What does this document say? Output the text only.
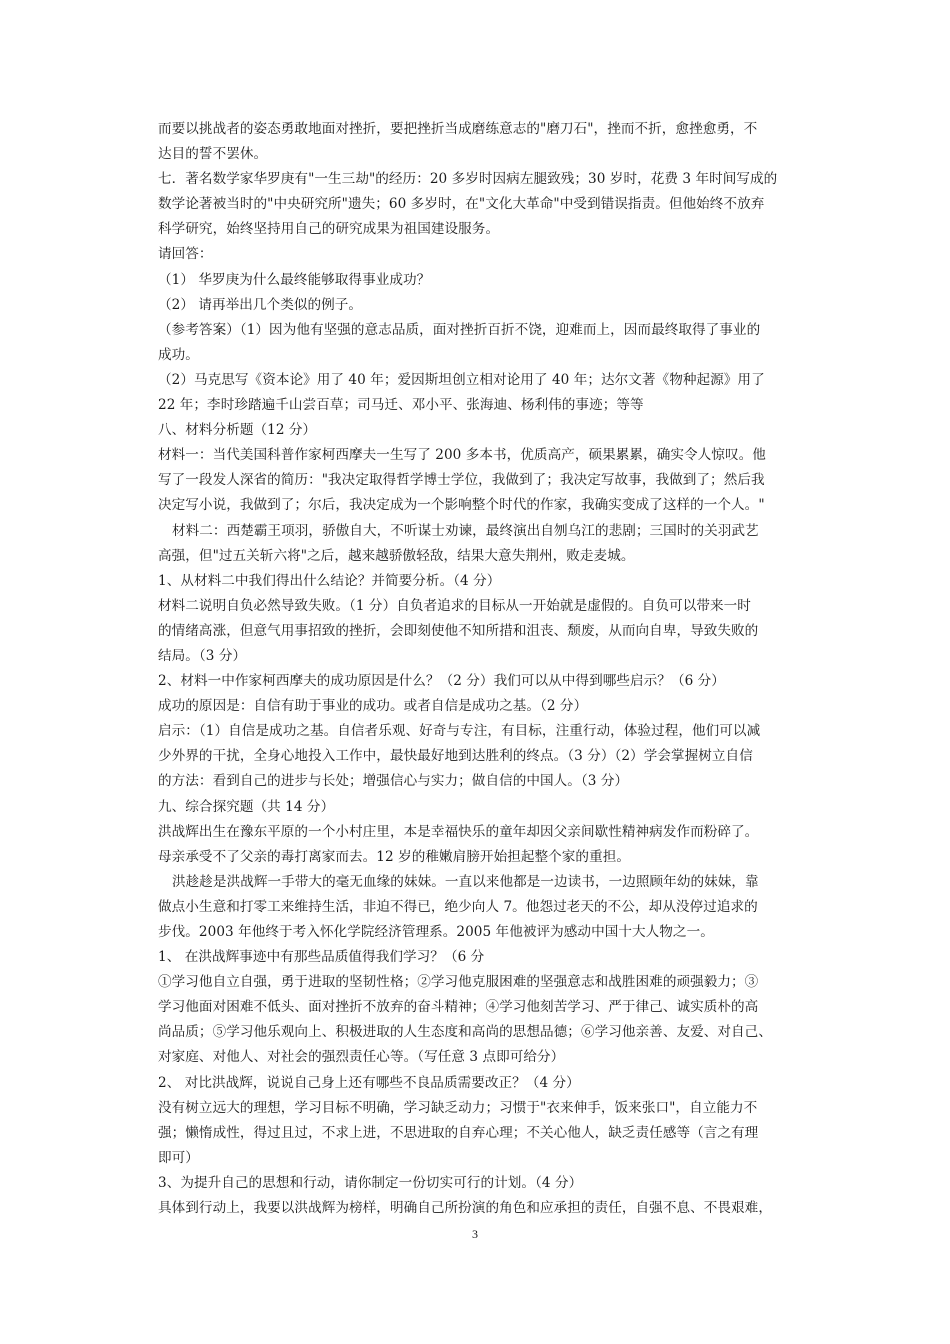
而要以挑战者的姿态勇敢地面对挫折，要把挫折当成磨练意志的"磨刀石"，挫而不折，愈挫愈勇，不
达目的誓不罢休。
七．著名数学家华罗庚有"一生三劫"的经历：20 多岁时因病左腿致残；30 岁时，花费 3 年时间写成的
数学论著被当时的"中央研究所"遗失；60 多岁时，在"文化大革命"中受到错误指责。但他始终不放弃
科学研究，始终坚持用自己的研究成果为祖国建设服务。
请回答：
（1） 华罗庚为什么最终能够取得事业成功？
（2） 请再举出几个类似的例子。
（参考答案）（1）因为他有坚强的意志品质，面对挫折百折不饶，迎难而上，因而最终取得了事业的
成功。
（2）马克思写《资本论》用了 40 年；爱因斯坦创立相对论用了 40 年；达尔文著《物种起源》用了
22 年；李时珍踏遍千山尝百草；司马迁、邓小平、张海迪、杨利伟的事迹；等等
八、材料分析题（12 分）
材料一：当代美国科普作家柯西摩夫一生写了 200 多本书，优质高产，硕果累累，确实令人惊叹。他
写了一段发人深省的简历："我决定取得哲学博士学位，我做到了；我决定写故事，我做到了；然后我
决定写小说，我做到了；尔后，我决定成为一个影响整个时代的作家，我确实变成了这样的一个人。"
材料二：西楚霸王项羽，骄傲自大，不听谋士劝谏，最终演出自刎乌江的悲剧；三国时的关羽武艺
高强，但"过五关斩六将"之后，越来越骄傲轻敌，结果大意失荆州，败走麦城。
1、从材料二中我们得出什么结论？并简要分析。（4 分）
材料二说明自负必然导致失败。（1 分）自负者追求的目标从一开始就是虚假的。自负可以带来一时
的情绪高涨，但意气用事招致的挫折，会即刻使他不知所措和沮丧、颓废，从而向自卑，导致失败的
结局。（3 分）
2、材料一中作家柯西摩夫的成功原因是什么？（2 分）我们可以从中得到哪些启示？（6 分）
成功的原因是：自信有助于事业的成功。或者自信是成功之基。（2 分）
启示：（1）自信是成功之基。自信者乐观、好奇与专注，有目标，注重行动，体验过程，他们可以减
少外界的干扰，全身心地投入工作中，最快最好地到达胜利的终点。（3 分）（2）学会掌握树立自信
的方法：看到自己的进步与长处；增强信心与实力；做自信的中国人。（3 分）
九、综合探究题（共 14 分）
洪战辉出生在豫东平原的一个小村庄里，本是幸福快乐的童年却因父亲间歇性精神病发作而粉碎了。
母亲承受不了父亲的毒打离家而去。12 岁的稚嫩肩膀开始担起整个家的重担。
洪趁趁是洪战辉一手带大的毫无血缘的妹妹。一直以来他都是一边读书，一边照顾年幼的妹妹，靠
做点小生意和打零工来维持生活，非迫不得已，绝少向人 7。他怨过老天的不公，却从没停过追求的
步伐。2003 年他终于考入怀化学院经济管理系。2005 年他被评为感动中国十大人物之一。
1、 在洪战辉事迹中有那些品质值得我们学习？（6 分
①学习他自立自强，勇于进取的坚韧性格；②学习他克服困难的坚强意志和战胜困难的顽强毅力；③
学习他面对困难不低头、面对挫折不放弃的奋斗精神；④学习他刻苦学习、严于律己、诚实质朴的高
尚品质；⑤学习他乐观向上、积极进取的人生态度和高尚的思想品德；⑥学习他亲善、友爱、对自己、
对家庭、对他人、对社会的强烈责任心等。（写任意 3 点即可给分）
2、 对比洪战辉，说说自己身上还有哪些不良品质需要改正？（4 分）
没有树立远大的理想，学习目标不明确，学习缺乏动力；习惯于"衣来伸手，饭来张口"，自立能力不
强；懒惰成性，得过且过，不求上进，不思进取的自弃心理；不关心他人，缺乏责任感等（言之有理
即可）
3、为提升自己的思想和行动，请你制定一份切实可行的计划。（4 分）
具体到行动上，我要以洪战辉为榜样，明确自己所扮演的角色和应承担的责任，自强不息、不畏艰难，
3
